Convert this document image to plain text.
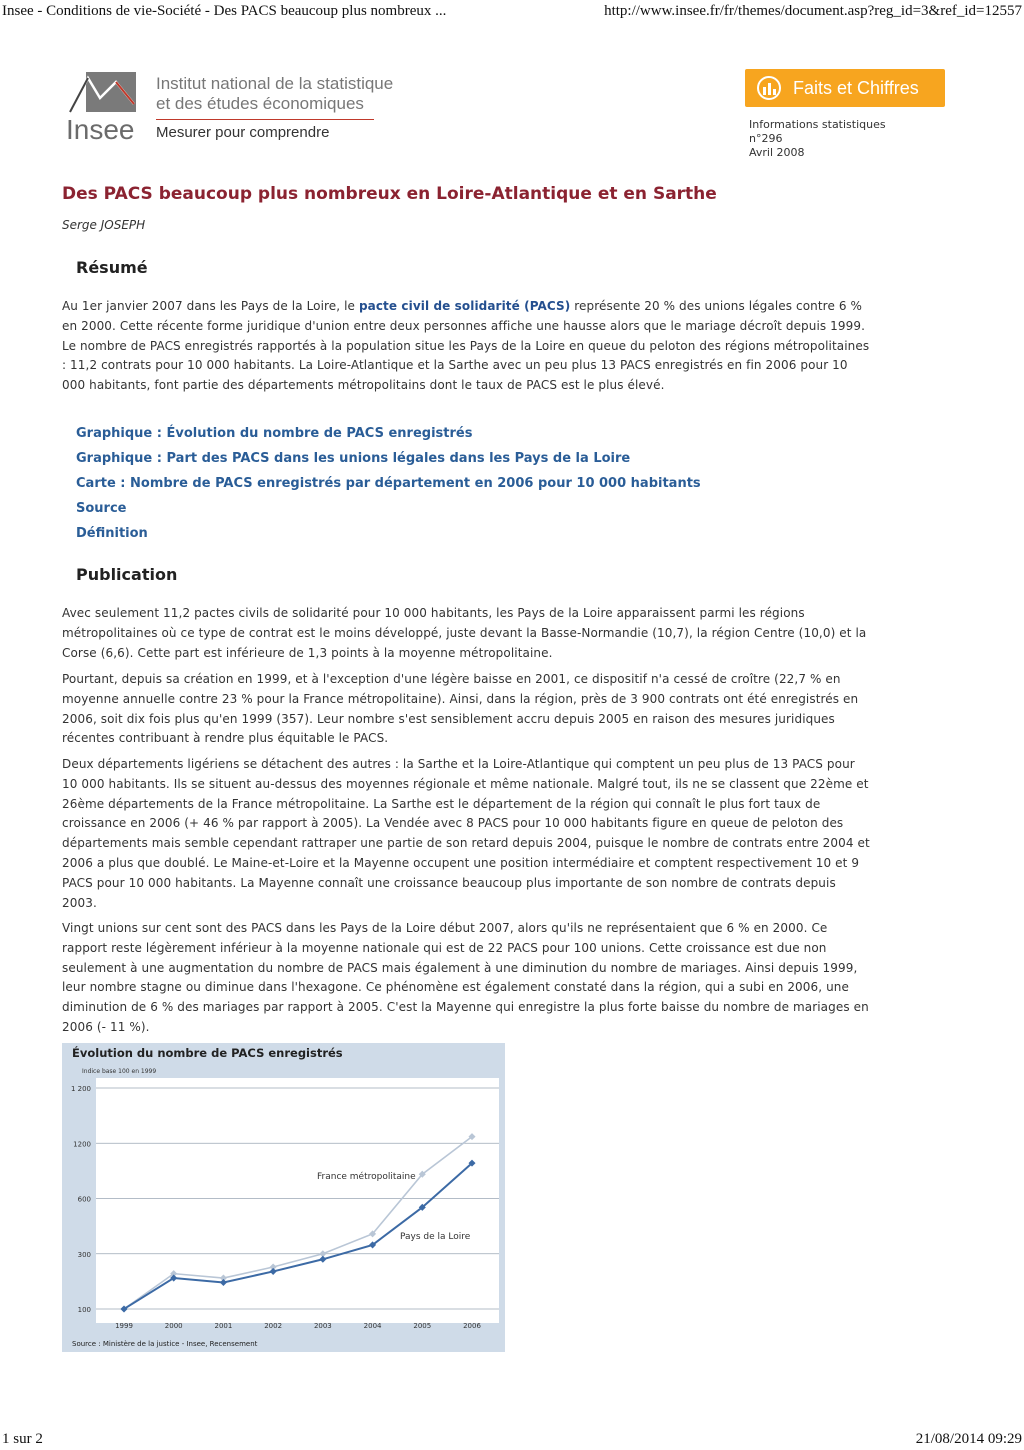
Insee - Conditions de vie-Société - Des PACS beaucoup plus nombreux ...	http://www.insee.fr/fr/themes/document.asp?reg_id=3&ref_id=12557
Insee
Institut national de la statistique
et des études économiques
Mesurer pour comprendre
Faits et Chiffres
Informations statistiques
n°296
Avril 2008
Des PACS beaucoup plus nombreux en Loire-Atlantique et en Sarthe
Serge JOSEPH
Résumé
Au 1er janvier 2007 dans les Pays de la Loire, le pacte civil de solidarité (PACS) représente 20 % des unions légales contre 6 % en 2000. Cette récente forme juridique d'union entre deux personnes affiche une hausse alors que le mariage décroît depuis 1999. Le nombre de PACS enregistrés rapportés à la population situe les Pays de la Loire en queue du peloton des régions métropolitaines : 11,2 contrats pour 10 000 habitants. La Loire-Atlantique et la Sarthe avec un peu plus 13 PACS enregistrés en fin 2006 pour 10 000 habitants, font partie des départements métropolitains dont le taux de PACS est le plus élevé.
Graphique : Évolution du nombre de PACS enregistrés
Graphique : Part des PACS dans les unions légales dans les Pays de la Loire
Carte : Nombre de PACS enregistrés par département en 2006 pour 10 000 habitants
Source
Définition
Publication
Avec seulement 11,2 pactes civils de solidarité pour 10 000 habitants, les Pays de la Loire apparaissent parmi les régions métropolitaines où ce type de contrat est le moins développé, juste devant la Basse-Normandie (10,7), la région Centre (10,0) et la Corse (6,6). Cette part est inférieure de 1,3 points à la moyenne métropolitaine.
Pourtant, depuis sa création en 1999, et à l'exception d'une légère baisse en 2001, ce dispositif n'a cessé de croître (22,7 % en moyenne annuelle contre 23 % pour la France métropolitaine). Ainsi, dans la région, près de 3 900 contrats ont été enregistrés en 2006, soit dix fois plus qu'en 1999 (357). Leur nombre s'est sensiblement accru depuis 2005 en raison des mesures juridiques récentes contribuant à rendre plus équitable le PACS.
Deux départements ligériens se détachent des autres : la Sarthe et la Loire-Atlantique qui comptent un peu plus de 13 PACS pour 10 000 habitants. Ils se situent au-dessus des moyennes régionale et même nationale. Malgré tout, ils ne se classent que 22ème et 26ème départements de la France métropolitaine. La Sarthe est le département de la région qui connaît le plus fort taux de croissance en 2006 (+ 46 % par rapport à 2005). La Vendée avec 8 PACS pour 10 000 habitants figure en queue de peloton des départements mais semble cependant rattraper une partie de son retard depuis 2004, puisque le nombre de contrats entre 2004 et 2006 a plus que doublé. Le Maine-et-Loire et la Mayenne occupent une position intermédiaire et comptent respectivement 10 et 9 PACS pour 10 000 habitants. La Mayenne connaît une croissance beaucoup plus importante de son nombre de contrats depuis 2003.
Vingt unions sur cent sont des PACS dans les Pays de la Loire début 2007, alors qu'ils ne représentaient que 6 % en 2000. Ce rapport reste légèrement inférieur à la moyenne nationale qui est de 22 PACS pour 100 unions. Cette croissance est due non seulement à une augmentation du nombre de PACS mais également à une diminution du nombre de mariages. Ainsi depuis 1999, leur nombre stagne ou diminue dans l'hexagone. Ce phénomène est également constaté dans la région, qui a subi en 2006, une diminution de 6 % des mariages par rapport à 2005. C'est la Mayenne qui enregistre la plus forte baisse du nombre de mariages en 2006 (- 11 %).
Évolution du nombre de PACS enregistrés
Indice base 100 en 1999
100
300
600
1200
1 200
1999	2000	2001	2002	2003	2004	2005	2006
France métropolitaine
Pays de la Loire
Source : Ministère de la justice - Insee, Recensement
1 sur 2	21/08/2014 09:29
